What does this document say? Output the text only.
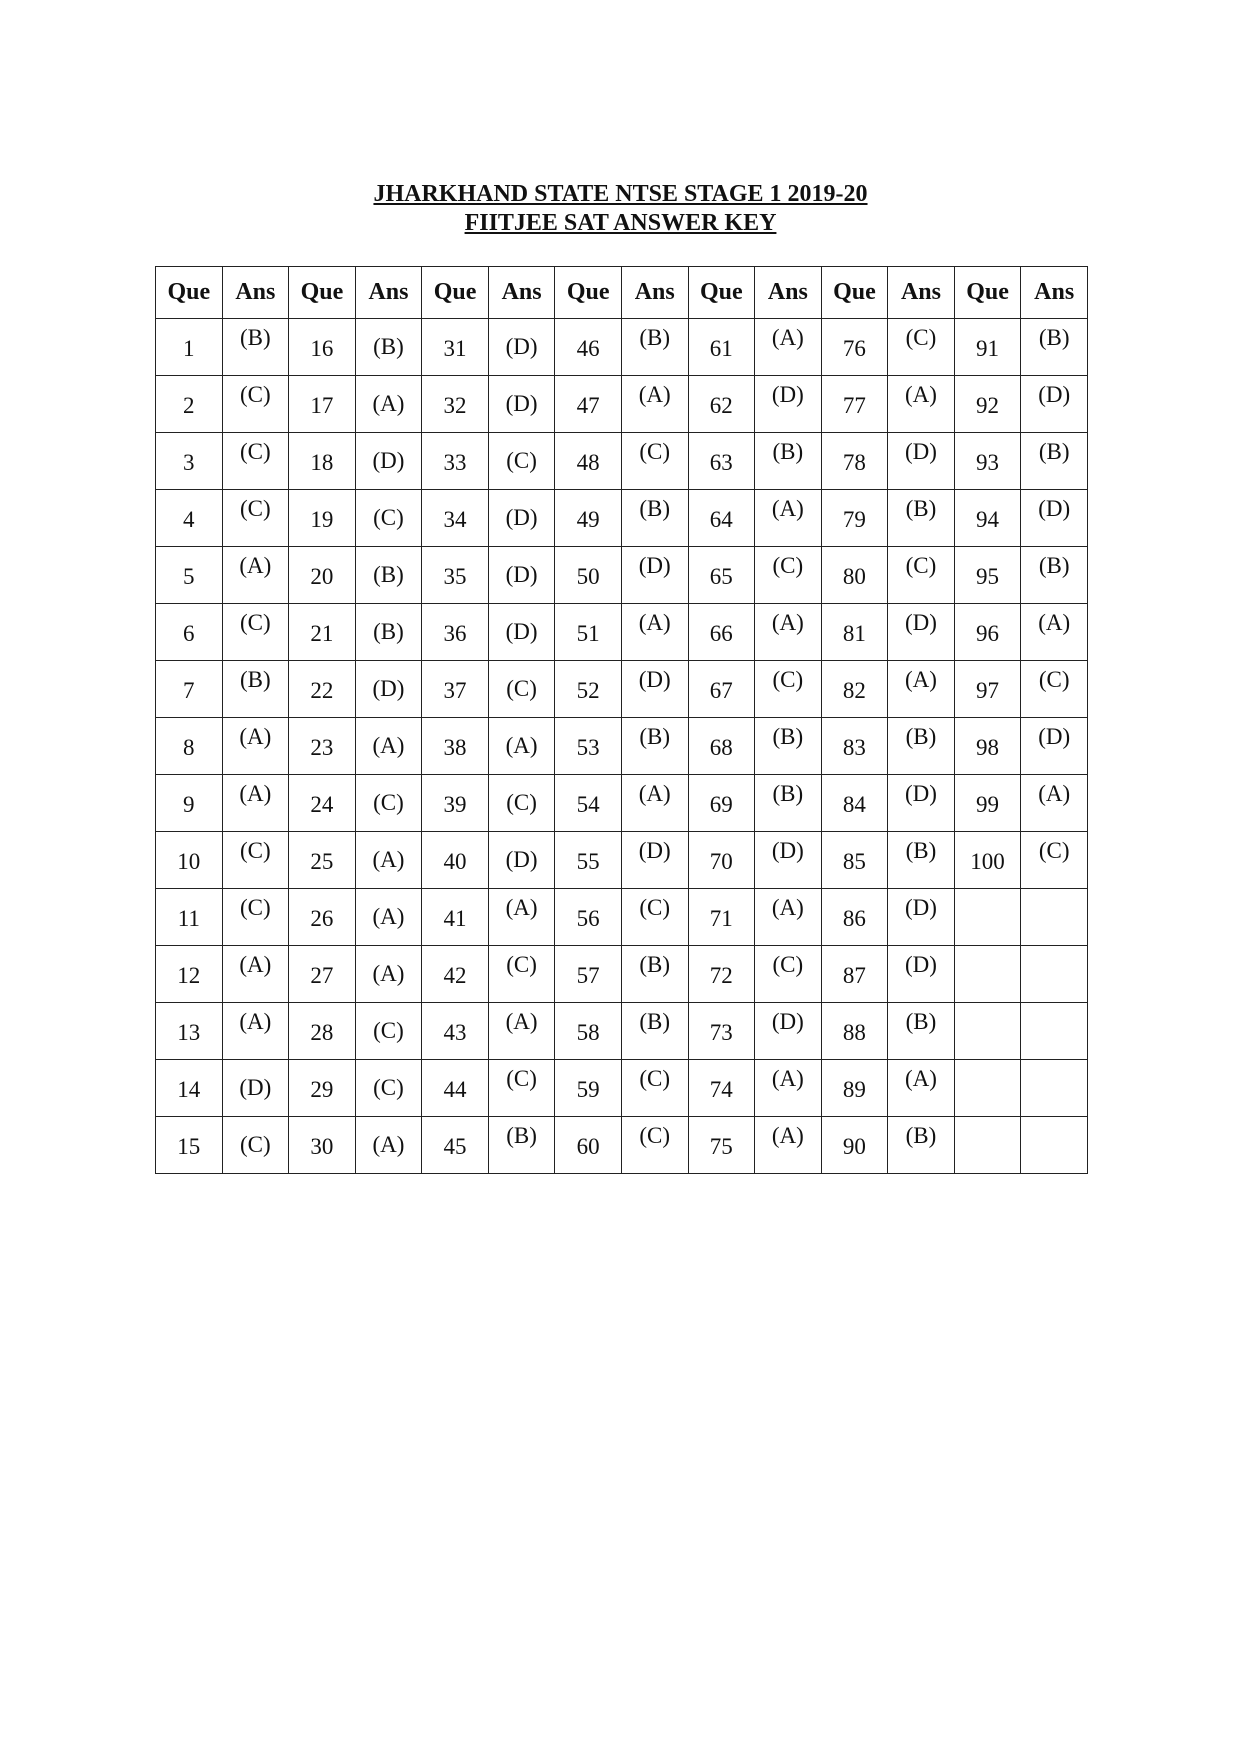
JHARKHAND STATE NTSE STAGE 1 2019-20
FIITJEE SAT ANSWER KEY
Que	Ans	Que	Ans	Que	Ans	Que	Ans	Que	Ans	Que	Ans	Que	Ans
1	(B)	16	(B)	31	(D)	46	(B)	61	(A)	76	(C)	91	(B)
2	(C)	17	(A)	32	(D)	47	(A)	62	(D)	77	(A)	92	(D)
3	(C)	18	(D)	33	(C)	48	(C)	63	(B)	78	(D)	93	(B)
4	(C)	19	(C)	34	(D)	49	(B)	64	(A)	79	(B)	94	(D)
5	(A)	20	(B)	35	(D)	50	(D)	65	(C)	80	(C)	95	(B)
6	(C)	21	(B)	36	(D)	51	(A)	66	(A)	81	(D)	96	(A)
7	(B)	22	(D)	37	(C)	52	(D)	67	(C)	82	(A)	97	(C)
8	(A)	23	(A)	38	(A)	53	(B)	68	(B)	83	(B)	98	(D)
9	(A)	24	(C)	39	(C)	54	(A)	69	(B)	84	(D)	99	(A)
10	(C)	25	(A)	40	(D)	55	(D)	70	(D)	85	(B)	100	(C)
11	(C)	26	(A)	41	(A)	56	(C)	71	(A)	86	(D)		
12	(A)	27	(A)	42	(C)	57	(B)	72	(C)	87	(D)		
13	(A)	28	(C)	43	(A)	58	(B)	73	(D)	88	(B)		
14	(D)	29	(C)	44	(C)	59	(C)	74	(A)	89	(A)		
15	(C)	30	(A)	45	(B)	60	(C)	75	(A)	90	(B)		
